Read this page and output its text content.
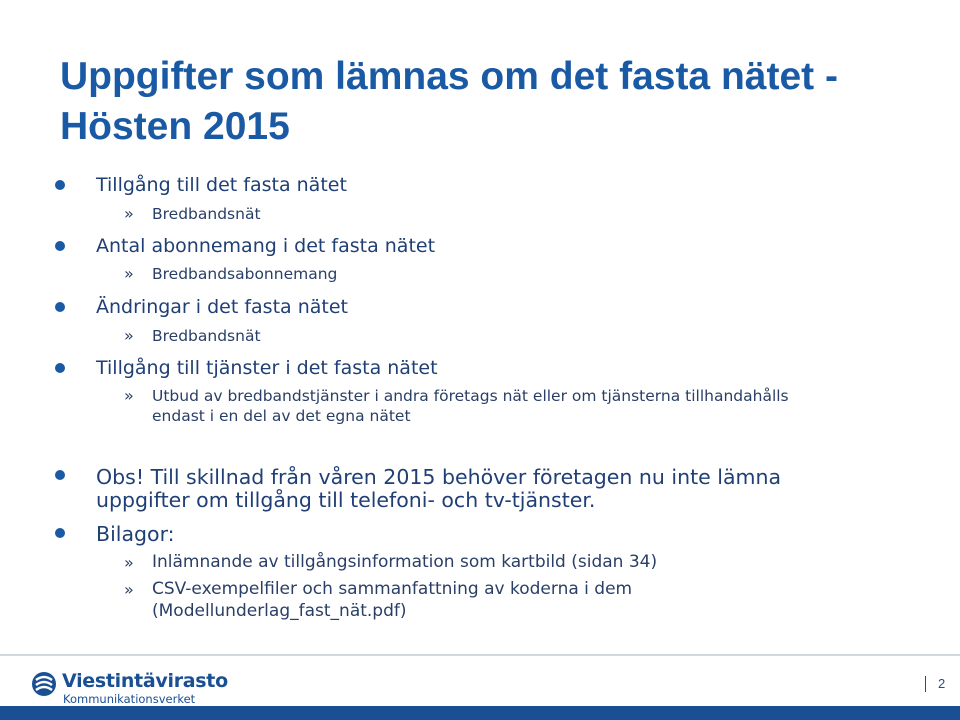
Uppgifter som lämnas om det fasta nätet - Hösten 2015
Tillgång till det fasta nätet
» Bredbandsnät
Antal abonnemang i det fasta nätet
» Bredbandsabonnemang
Ändringar i det fasta nätet
» Bredbandsnät
Tillgång till tjänster i det fasta nätet
» Utbud av bredbandstjänster i andra företags nät eller om tjänsterna tillhandahålls endast i en del av det egna nätet
Obs! Till skillnad från våren 2015 behöver företagen nu inte lämna uppgifter om tillgång till telefoni- och tv-tjänster.
Bilagor:
» Inlämnande av tillgångsinformation som kartbild (sidan 34)
» CSV-exempelfiler och sammanfattning av koderna i dem (Modellunderlag_fast_nät.pdf)
Viestintävirasto
Kommunikationsverket
2
